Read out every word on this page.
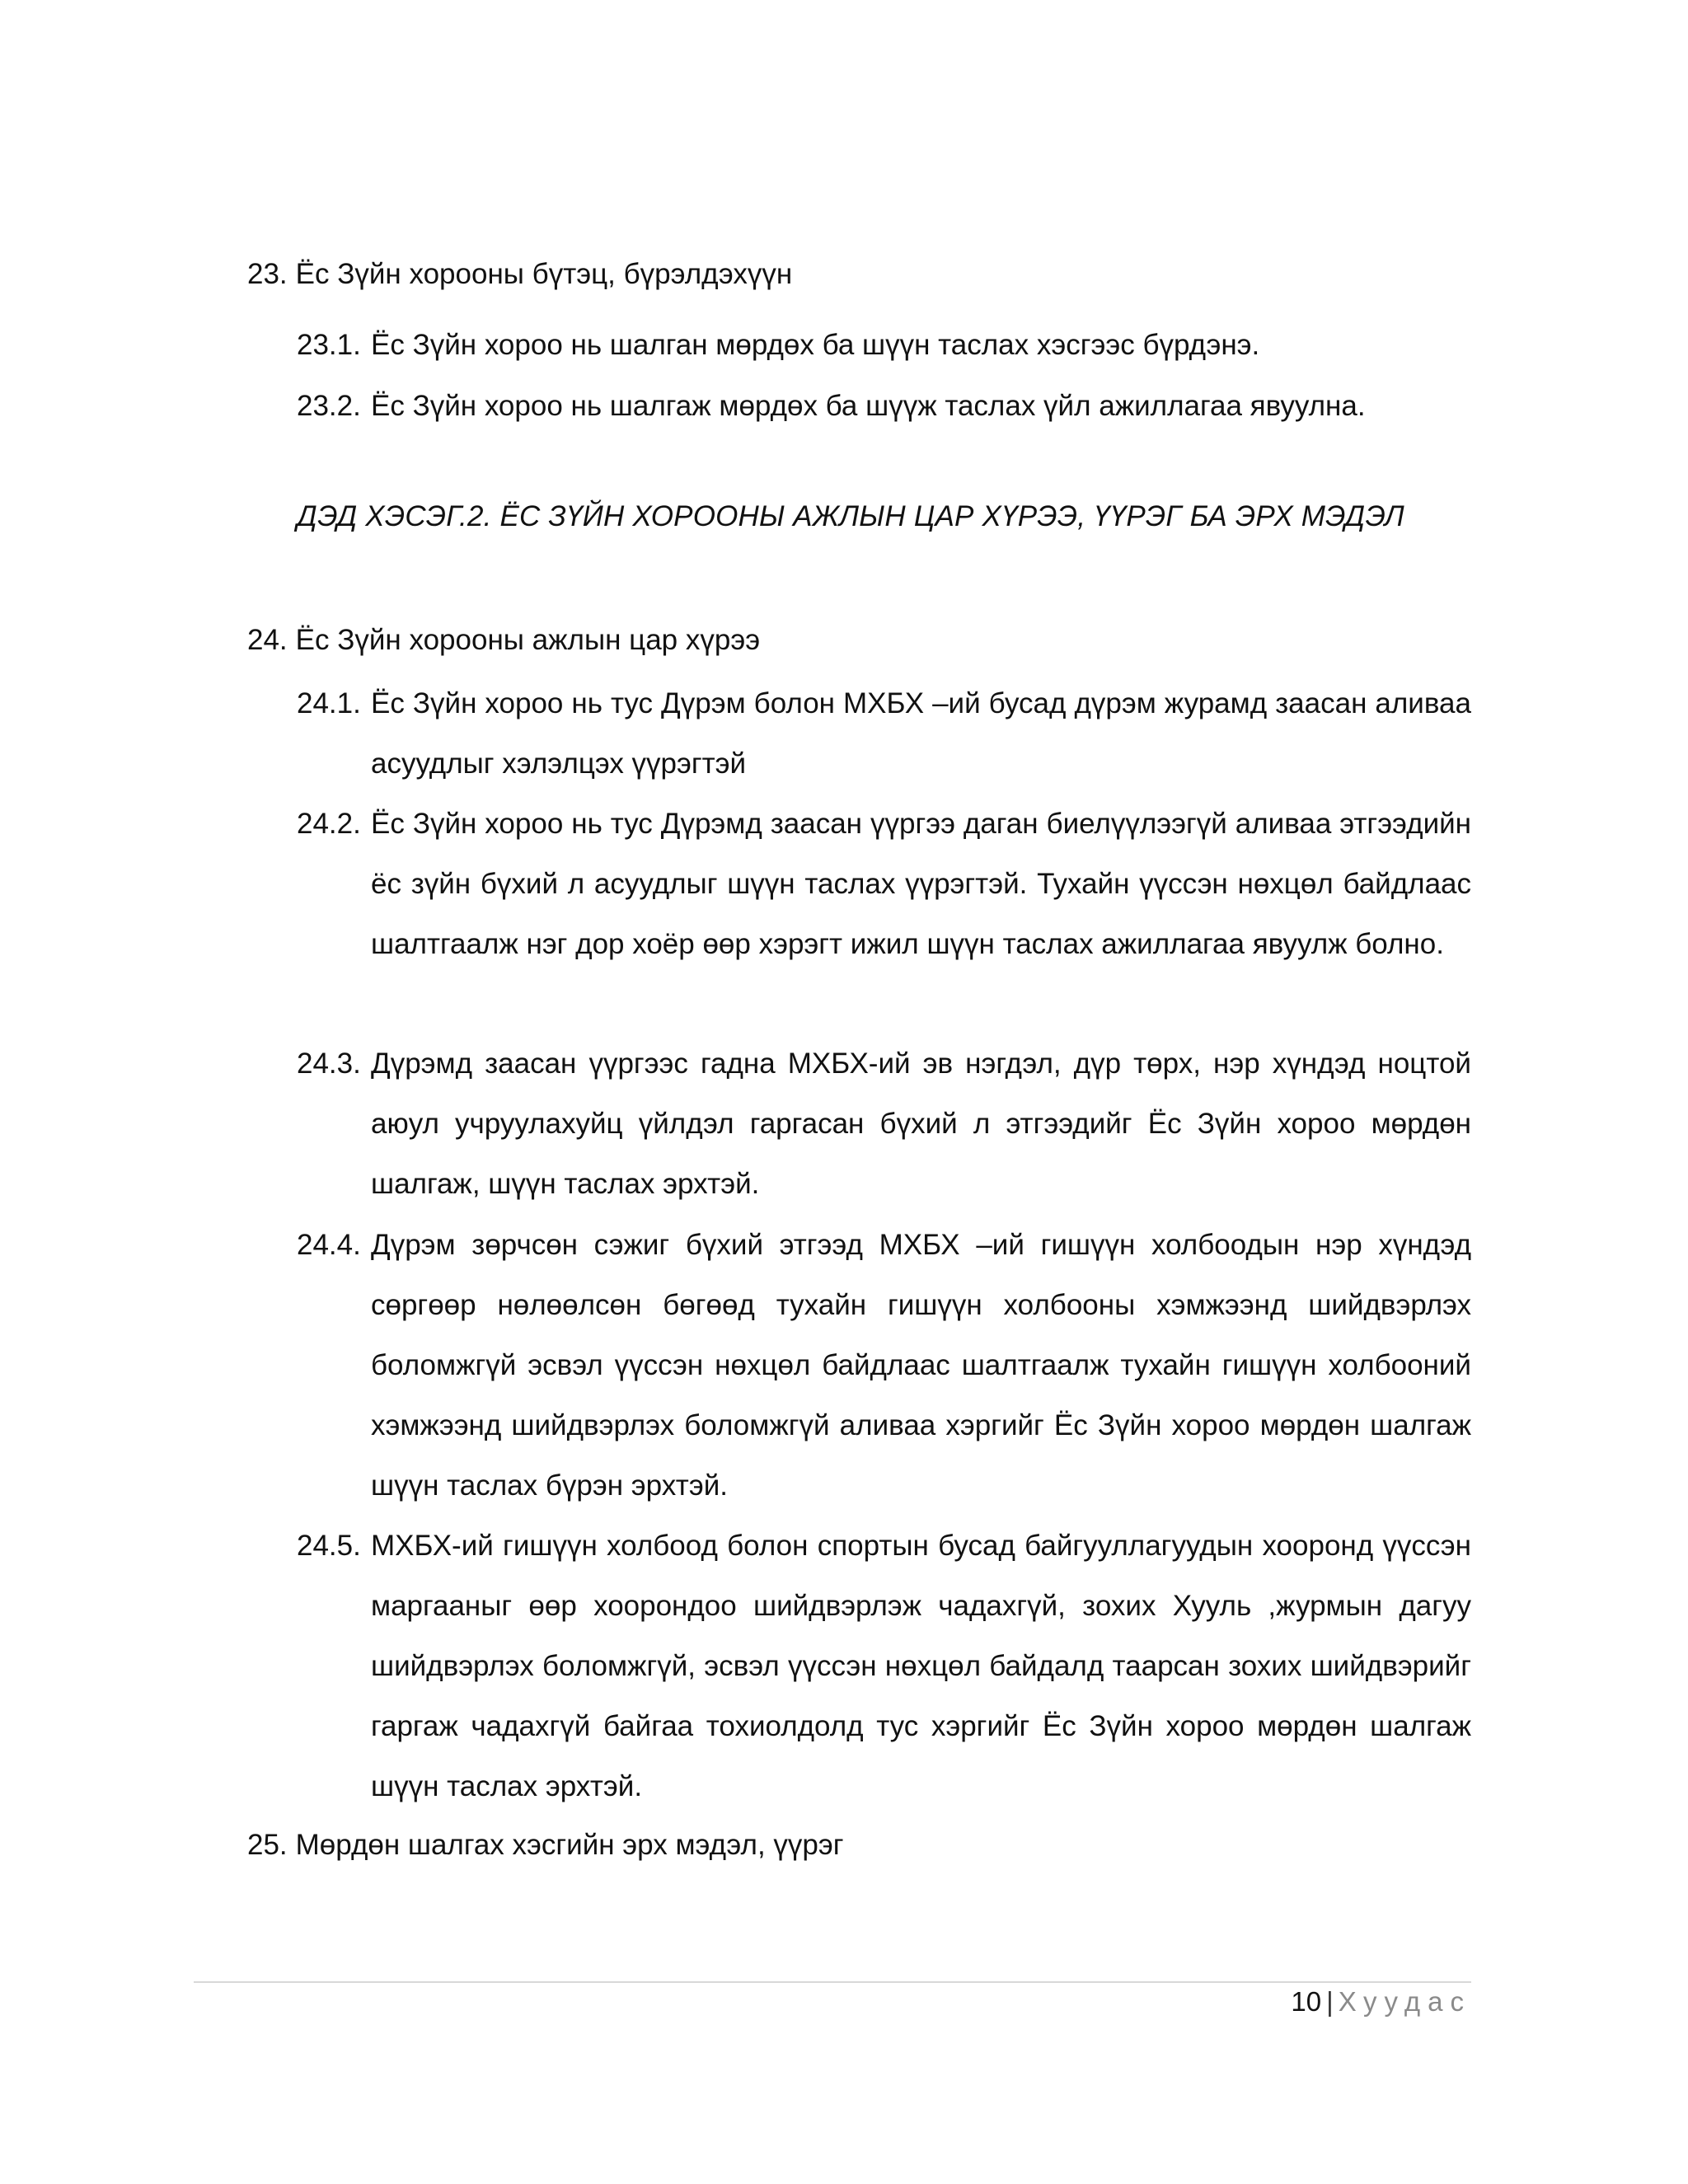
23. Ёс Зүйн хорооны бүтэц, бүрэлдэхүүн
23.1. Ёс Зүйн хороо нь шалган мөрдөх ба шүүн таслах хэсгээс бүрдэнэ.
23.2. Ёс Зүйн хороо нь шалгаж мөрдөх ба шүүж таслах үйл ажиллагаа явуулна.
ДЭД ХЭСЭГ.2. ЁС ЗҮЙН ХОРООНЫ АЖЛЫН ЦАР ХҮРЭЭ, ҮҮРЭГ БА ЭРХ МЭДЭЛ
24. Ёс Зүйн хорооны ажлын цар хүрээ
24.1. Ёс Зүйн хороо нь тус Дүрэм болон МХБХ –ий бусад дүрэм журамд заасан аливаа асуудлыг хэлэлцэх үүрэгтэй
24.2. Ёс Зүйн хороо нь тус Дүрэмд заасан үүргээ даган биелүүлээгүй аливаа этгээдийн ёс зүйн бүхий л асуудлыг шүүн таслах үүрэгтэй. Тухайн үүссэн нөхцөл байдлаас шалтгаалж нэг дор хоёр өөр хэрэгт ижил шүүн таслах ажиллагаа явуулж болно.
24.3. Дүрэмд заасан үүргээс гадна МХБХ-ий эв нэгдэл, дүр төрх, нэр хүндэд ноцтой аюул учруулахуйц үйлдэл гаргасан бүхий л этгээдийг Ёс Зүйн хороо мөрдөн шалгаж, шүүн таслах эрхтэй.
24.4. Дүрэм зөрчсөн сэжиг бүхий этгээд МХБХ –ий гишүүн холбоодын нэр хүндэд сөргөөр нөлөөлсөн бөгөөд тухайн гишүүн холбооны хэмжээнд шийдвэрлэх боломжгүй эсвэл үүссэн нөхцөл байдлаас шалтгаалж тухайн гишүүн холбооний хэмжээнд шийдвэрлэх боломжгүй аливаа хэргийг Ёс Зүйн хороо мөрдөн шалгаж шүүн таслах бүрэн эрхтэй.
24.5. МХБХ-ий гишүүн холбоод болон спортын бусад байгууллагуудын хооронд үүссэн маргааныг өөр хоорондоо шийдвэрлэж чадахгүй, зохих Хууль ,журмын дагуу шийдвэрлэх боломжгүй, эсвэл үүссэн нөхцөл байдалд таарсан зохих шийдвэрийг гаргаж чадахгүй байгаа тохиолдолд тус хэргийг Ёс Зүйн хороо мөрдөн шалгаж шүүн таслах эрхтэй.
25. Мөрдөн шалгах хэсгийн эрх мэдэл, үүрэг
10 | Хуудас
